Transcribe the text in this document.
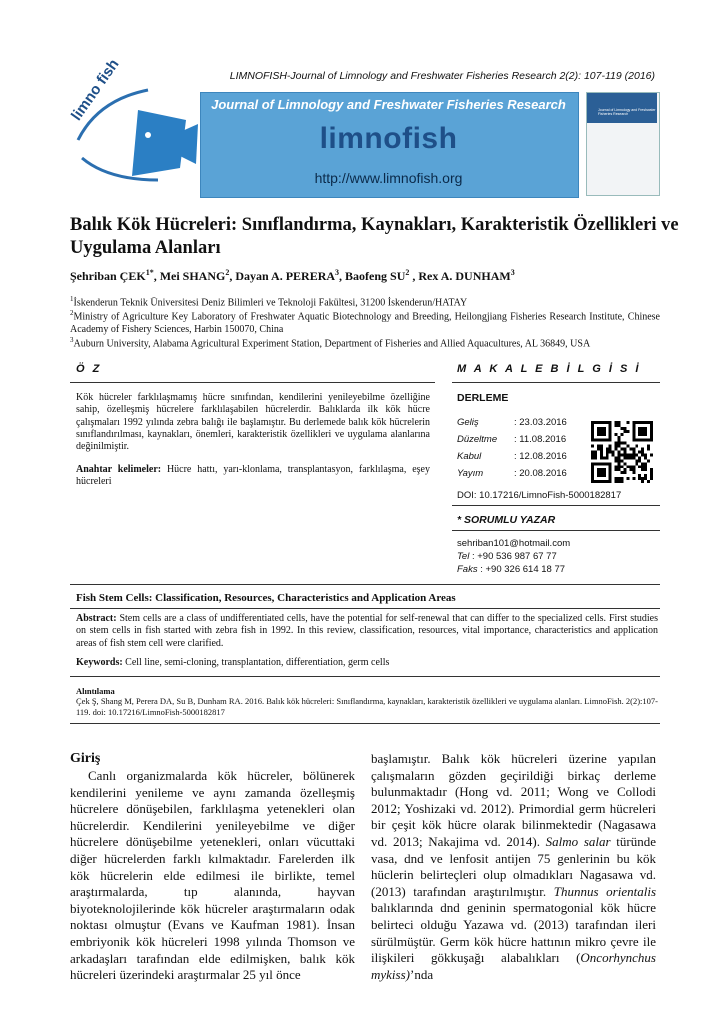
LIMNOFISH-Journal of Limnology and Freshwater Fisheries Research 2(2): 107-119 (2016)
limno fish	Journal of Limnology and Freshwater Fisheries Research
limnofish
http://www.limnofish.org
Journal of Limnology and Freshwater Fisheries Research
Balık Kök Hücreleri: Sınıflandırma, Kaynakları, Karakteristik Özellikleri ve
Uygulama Alanları
Şehriban $ÇEK^{1*}$, Mei SHANG$^2$, Dayan A. PERERA$^3$, Baofeng $SU^2$ , Rex A. DUNHAM$^3$
$^1$İskenderun Teknik Üniversitesi Deniz Bilimleri ve Teknoloji Fakültesi, 31200 İskenderun/HATAY
$^2$Ministry of Agriculture Key Laboratory of Freshwater Aquatic Biotechnology and Breeding, Heilongjiang Fisheries Research Institute, Chinese Academy of Fishery Sciences, Harbin 150070, China
$^3$Auburn University, Alabama Agricultural Experiment Station, Department of Fisheries and Allied Aquacultures, AL 36849, USA
Ö Z
Kök hücreler farklılaşmamış hücre sınıfından, kendilerini yenileyebilme özelliğine sahip, özelleşmiş hücrelere farklılaşabilen hücrelerdir. Balıklarda ilk kök hücre çalışmaları 1992 yılında zebra balığı ile başlamıştır. Bu derlemede balık kök hücrelerin sınıflandırılması, kaynakları, önemleri, karakteristik özellikleri ve uygulama alanlarına değinilmiştir.
Anahtar kelimeler: Hücre hattı, yarı-klonlama, transplantasyon, farklılaşma, eşey hücreleri
M A K A L E B İ L G İ S İ
DERLEME
Geliş	: 23.03.2016
Düzeltme : 11.08.2016
Kabul	: 12.08.2016
Yayım	: 20.08.2016
DOI: 10.17216/LimnoFish-5000182817
* SORUMLU YAZAR
sehriban101@hotmail.com
Tel : +90 536 987 67 77
Faks : +90 326 614 18 77
Fish Stem Cells: Classification, Resources, Characteristics and Application Areas
Abstract: Stem cells are a class of undifferentiated cells, have the potential for self-renewal that can differ to the specialized cells. First studies on stem cells in fish started with zebra fish in 1992. In this review, classification, resources, vital importance, characteristics and application areas of fish stem cell were clarified.
Keywords: Cell line, semi-cloning, transplantation, differentiation, germ cells
Alıntılama
Çek Ş, Shang M, Perera DA, Su B, Dunham RA. 2016. Balık kök hücreleri: Sınıflandırma, kaynakları, karakteristik özellikleri ve uygulama alanları. LimnoFish. 2(2):107-119. doi: 10.17216/LimnoFish-5000182817
Giriş
Canlı organizmalarda kök hücreler, bölünerek kendilerini yenileme ve aynı zamanda özelleşmiş hücrelere dönüşebilen, farklılaşma yetenekleri olan hücrelerdir. Kendilerini yenileyebilme ve diğer hücrelere dönüşebilme yetenekleri, onları vücuttaki diğer hücrelerden farklı kılmaktadır. Farelerden ilk kök hücrelerin elde edilmesi ile birlikte, temel araştırmalarda, tıp alanında, hayvan biyoteknolojilerinde kök hücreler araştırmaların odak noktası olmuştur (Evans ve Kaufman 1981). İnsan embriyonik kök hücreleri 1998 yılında Thomson ve arkadaşları tarafından elde edilmişken, balık kök hücreleri üzerindeki araştırmalar 25 yıl önce
başlamıştır. Balık kök hücreleri üzerine yapılan çalışmaların gözden geçirildiği birkaç derleme bulunmaktadır (Hong vd. 2011; Wong ve Collodi 2012; Yoshizaki vd. 2012). Primordial germ hücreleri bir çeşit kök hücre olarak bilinmektedir (Nagasawa vd. 2013; Nakajima vd. 2014). Salmo salar türünde vasa, dnd ve lenfosit antijen 75 genlerinin bu kök hüclerin belirteçleri olup olmadıkları Nagasawa vd. (2013) tarafından araştırılmıştır. Thunnus orientalis balıklarında dnd geninin spermatogonial kök hücre belirteci olduğu Yazawa vd. (2013) tarafından ileri sürülmüştür. Germ kök hücre hattının mikro çevre ile ilişkileri gökkuşağı alabalıkları (Oncorhynchus mykiss)’nda
